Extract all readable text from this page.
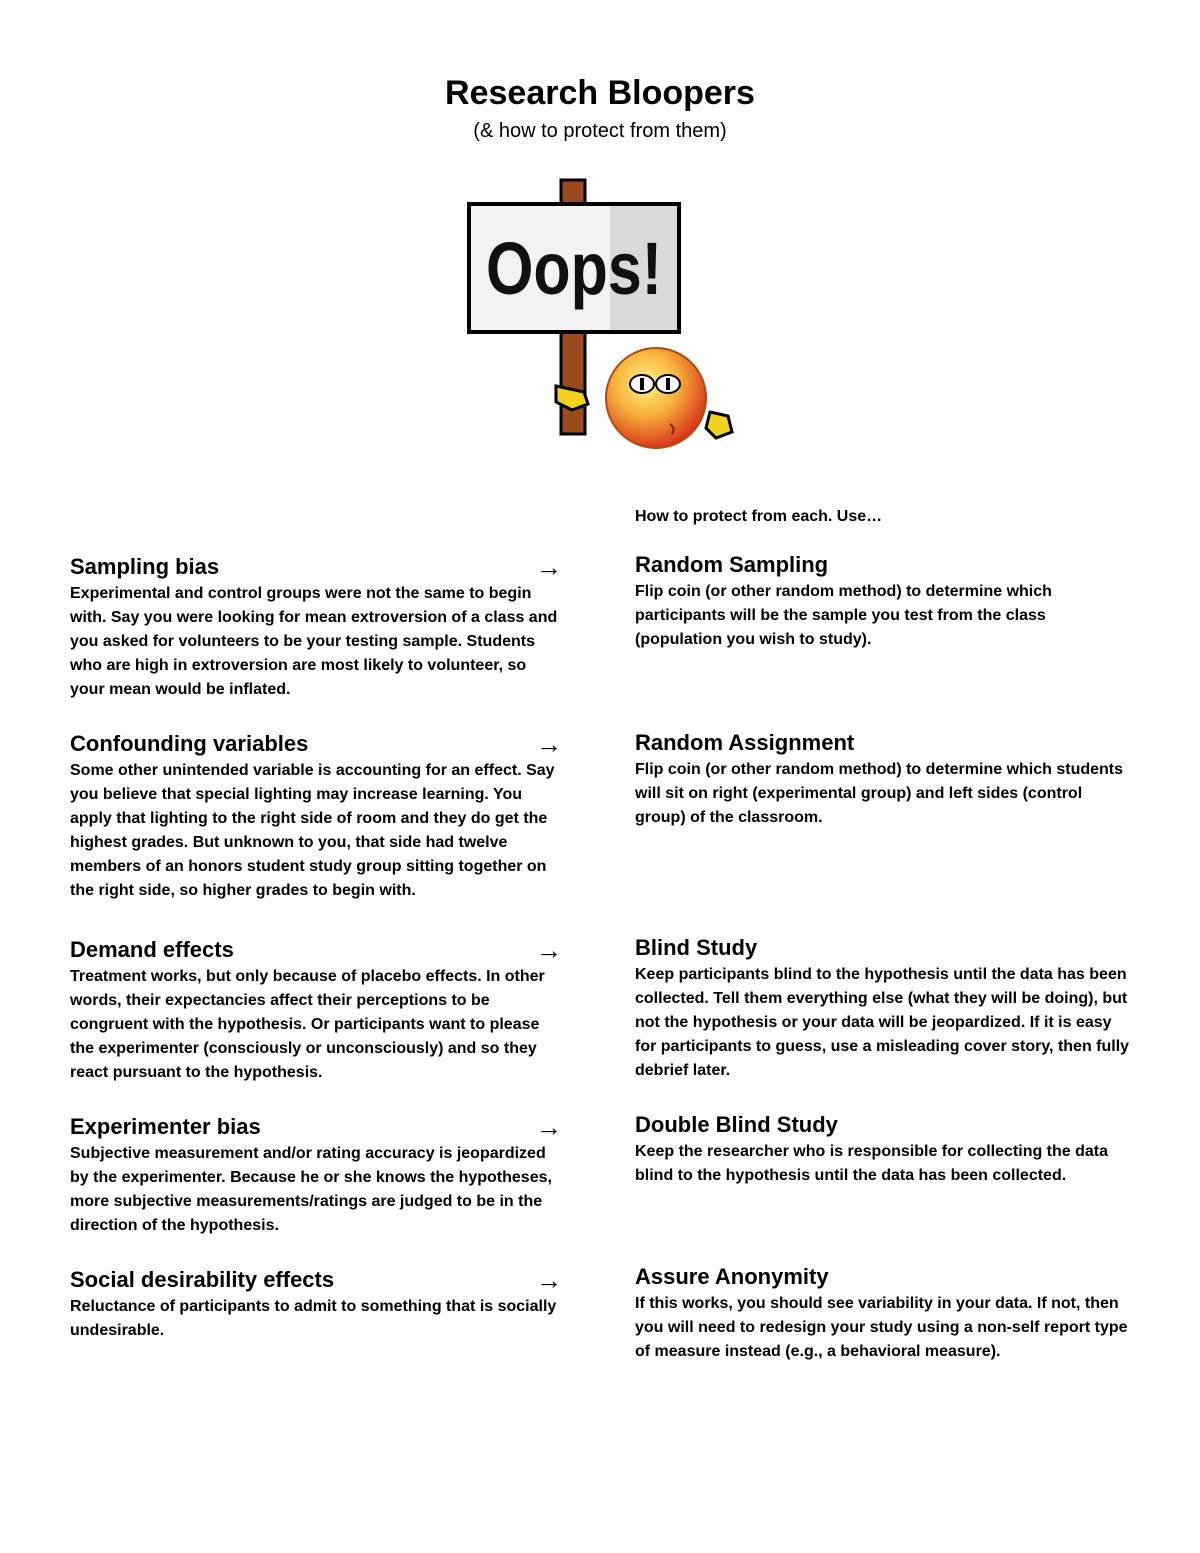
Research Bloopers

(& how to protect from them)

Oops!

How to protect from each. Use…

Sampling bias	→

Experimental and control groups were not the same to begin with. Say you were looking for mean extroversion of a class and you asked for volunteers to be your testing sample. Students who are high in extroversion are most likely to volunteer, so your mean would be inflated.

Random Sampling

Flip coin (or other random method) to determine which participants will be the sample you test from the class (population you wish to study).

Confounding variables	→

Some other unintended variable is accounting for an effect. Say you believe that special lighting may increase learning. You apply that lighting to the right side of room and they do get the highest grades. But unknown to you, that side had twelve members of an honors student study group sitting together on the right side, so higher grades to begin with.

Random Assignment

Flip coin (or other random method) to determine which students will sit on right (experimental group) and left sides (control group) of the classroom.

Demand effects	→

Treatment works, but only because of placebo effects. In other words, their expectancies affect their perceptions to be congruent with the hypothesis. Or participants want to please the experimenter (consciously or unconsciously) and so they react pursuant to the hypothesis.

Blind Study

Keep participants blind to the hypothesis until the data has been collected. Tell them everything else (what they will be doing), but not the hypothesis or your data will be jeopardized. If it is easy for participants to guess, use a misleading cover story, then fully debrief later.

Experimenter bias	→

Subjective measurement and/or rating accuracy is jeopardized by the experimenter. Because he or she knows the hypotheses, more subjective measurements/ratings are judged to be in the direction of the hypothesis.

Double Blind Study

Keep the researcher who is responsible for collecting the data blind to the hypothesis until the data has been collected.

Social desirability effects	→

Reluctance of participants to admit to something that is socially undesirable.

Assure Anonymity

If this works, you should see variability in your data. If not, then you will need to redesign your study using a non-self report type of measure instead (e.g., a behavioral measure).
